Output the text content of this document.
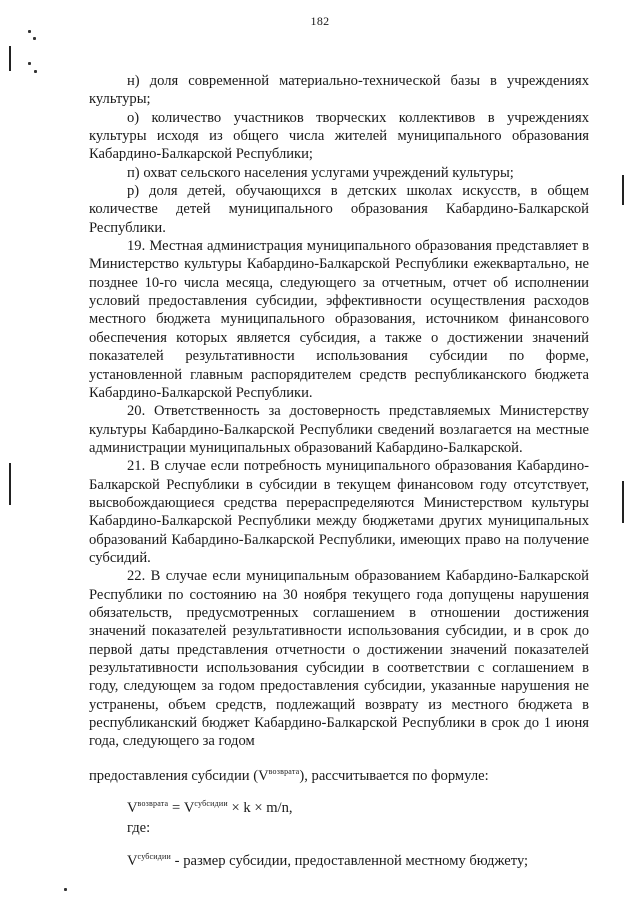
182

н) доля современной материально-технической базы в учреждениях культуры;

о) количество участников творческих коллективов в учреждениях культуры исходя из общего числа жителей муниципального образования Кабардино-Балкарской Республики;

п) охват сельского населения услугами учреждений культуры;

р) доля детей, обучающихся в детских школах искусств, в общем количестве детей муниципального образования Кабардино-Балкарской Республики.

19. Местная администрация муниципального образования представляет в Министерство культуры Кабардино-Балкарской Республики ежеквартально, не позднее 10-го числа месяца, следующего за отчетным, отчет об исполнении условий предоставления субсидии, эффективности осуществления расходов местного бюджета муниципального образования, источником финансового обеспечения которых является субсидия, а также о достижении значений показателей результативности использования субсидии по форме, установленной главным распорядителем средств республиканского бюджета Кабардино-Балкарской Республики.

20. Ответственность за достоверность представляемых Министерству культуры Кабардино-Балкарской Республики сведений возлагается на местные администрации муниципальных образований Кабардино-Балкарской.

21. В случае если потребность муниципального образования Кабардино-Балкарской Республики в субсидии в текущем финансовом году отсутствует, высвобождающиеся средства перераспределяются Министерством культуры Кабардино-Балкарской Республики между бюджетами других муниципальных образований Кабардино-Балкарской Республики, имеющих право на получение субсидий.

22. В случае если муниципальным образованием Кабардино-Балкарской Республики по состоянию на 30 ноября текущего года допущены нарушения обязательств, предусмотренных соглашением в отношении достижения значений показателей результативности использования субсидии, и в срок до первой даты представления отчетности о достижении значений показателей результативности использования субсидии в соответствии с соглашением в году, следующем за годом предоставления субсидии, указанные нарушения не устранены, объем средств, подлежащий возврату из местного бюджета в республиканский бюджет Кабардино-Балкарской Республики в срок до 1 июня года, следующего за годом

предоставления субсидии $(V^{возврата})$, рассчитывается по формуле:

$V^{возврата} = V^{субсидии} \times k \times m/n$,

где:

$V^{субсидии}$ - размер субсидии, предоставленной местному бюджету;
